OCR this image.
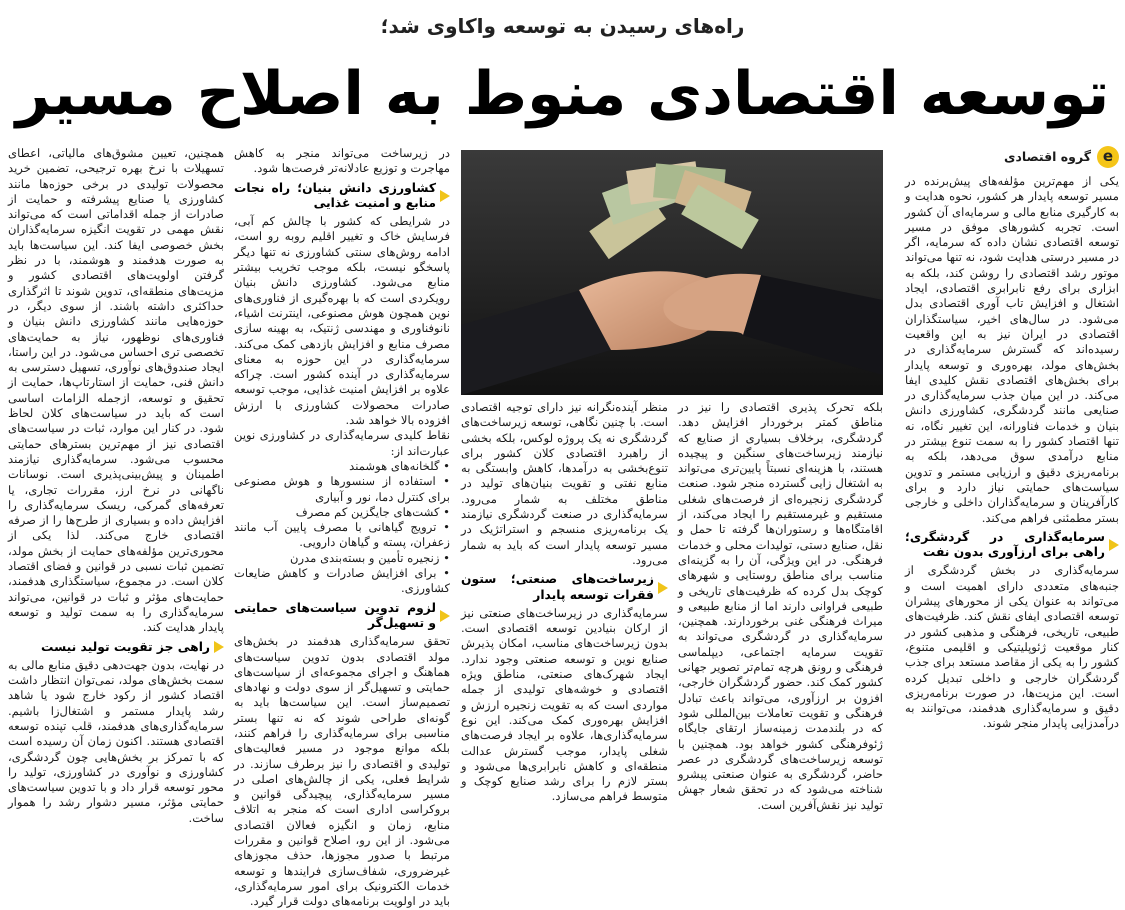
راه‌های رسیدن به توسعه واکاوی شد؛
توسعه اقتصادی منوط به اصلاح مسیر
e
گروه اقتصادی

یکی از مهم‌ترین مؤلفه‌های پیش‌برنده در مسیر توسعه پایدار هر کشور، نحوه هدایت و به کارگیری منابع مالی و سرمایه‌ای آن کشور است. تجربه کشورهای موفق در مسیر توسعه اقتصادی نشان داده که سرمایه، اگر در مسیر درستی هدایت شود، نه تنها می‌تواند موتور رشد اقتصادی را روشن کند، بلکه به ابزاری برای رفع نابرابری اقتصادی، ایجاد اشتغال و افزایش تاب آوری اقتصادی بدل می‌شود. در سال‌های اخیر، سیاستگذاران اقتصادی در ایران نیز به این واقعیت رسیده‌اند که گسترش سرمایه‌گذاری در بخش‌های مولد، بهره‌وری و توسعه پایدار برای بخش‌های اقتصادی نقش کلیدی ایفا می‌کند. در این میان جذب سرمایه‌گذاری در صنایعی مانند گردشگری، کشاورزی دانش بنیان و خدمات فناورانه، این تغییر نگاه، نه تنها اقتصاد کشور را به سمت تنوع بیشتر در منابع درآمدی سوق می‌دهد، بلکه به برنامه‌ریزی دقیق و ارزیابی مستمر و تدوین سیاست‌های حمایتی نیاز دارد و برای کارآفرینان و سرمایه‌گذاران داخلی و خارجی بستر مطمئنی فراهم می‌کند.

سرمایه‌گذاری در گردشگری؛ راهی برای ارزآوری بدون نفت

سرمایه‌گذاری در بخش گردشگری از جنبه‌های متعددی دارای اهمیت است و می‌تواند به عنوان یکی از محورهای پیشران توسعه اقتصادی ایفای نقش کند. ظرفیت‌های طبیعی، تاریخی، فرهنگی و مذهبی کشور در کنار موقعیت ژئوپلیتیکی و اقلیمی متنوع، کشور را به یکی از مقاصد مستعد برای جذب گردشگران خارجی و داخلی تبدیل کرده است. این مزیت‌ها، در صورت برنامه‌ریزی دقیق و سرمایه‌گذاری هدفمند، می‌توانند به درآمدزایی پایدار منجر شوند.

بلکه تحرک پذیری اقتصادی را نیز در مناطق کمتر برخوردار افزایش دهد. گردشگری، برخلاف بسیاری از صنایع که نیازمند زیرساخت‌های سنگین و پیچیده هستند، با هزینه‌ای نسبتاً پایین‌تری می‌تواند به اشتغال زایی گسترده منجر شود. صنعت گردشگری زنجیره‌ای از فرصت‌های شغلی مستقیم و غیرمستقیم را ایجاد می‌کند، از اقامتگاه‌ها و رستوران‌ها گرفته تا حمل و نقل، صنایع دستی، تولیدات محلی و خدمات فرهنگی. در این ویژگی، آن را به گزینه‌ای مناسب برای مناطق روستایی و شهرهای کوچک بدل کرده که ظرفیت‌های تاریخی و طبیعی فراوانی دارند اما از منابع طبیعی و میراث فرهنگی غنی برخوردارند. همچنین، سرمایه‌گذاری در گردشگری می‌تواند به تقویت سرمایه اجتماعی، دیپلماسی فرهنگی و رونق هرچه تمام‌تر تصویر جهانی کشور کمک کند. حضور گردشگران خارجی، افزون بر ارزآوری، می‌تواند باعث تبادل فرهنگی و تقویت تعاملات بین‌المللی شود که در بلندمدت زمینه‌ساز ارتقای جایگاه ژئوفرهنگی کشور خواهد بود. همچنین با توسعه زیرساخت‌های گردشگری در عصر حاضر، گردشگری به عنوان صنعتی پیشرو شناخته می‌شود که در تحقق شعار جهش تولید نیز نقش‌آفرین است.

منظر آینده‌نگرانه نیز دارای توجیه اقتصادی است. با چنین نگاهی، توسعه زیرساخت‌های گردشگری نه یک پروژه لوکس، بلکه بخشی از راهبرد اقتصادی کلان کشور برای تنوع‌بخشی به درآمدها، کاهش وابستگی به منابع نفتی و تقویت بنیان‌های تولید در مناطق مختلف به شمار می‌رود. سرمایه‌گذاری در صنعت گردشگری نیازمند یک برنامه‌ریزی منسجم و استراتژیک در مسیر توسعه پایدار است که باید به شمار می‌رود.

زیرساخت‌های صنعتی؛ ستون فقرات توسعه پایدار

سرمایه‌گذاری در زیرساخت‌های صنعتی نیز از ارکان بنیادین توسعه اقتصادی است. بدون زیرساخت‌های مناسب، امکان پذیرش صنایع نوین و توسعه صنعتی وجود ندارد. ایجاد شهرک‌های صنعتی، مناطق ویژه اقتصادی و خوشه‌های تولیدی از جمله مواردی است که به تقویت زنجیره ارزش و افزایش بهره‌وری کمک می‌کند. این نوع سرمایه‌گذاری‌ها، علاوه بر ایجاد فرصت‌های شغلی پایدار، موجب گسترش عدالت منطقه‌ای و کاهش نابرابری‌ها می‌شود و بستر لازم را برای رشد صنایع کوچک و متوسط فراهم می‌سازد.

در زیرساخت می‌تواند منجر به کاهش مهاجرت و توزیع عادلانه‌تر فرصت‌ها شود.

کشاورزی دانش بنیان؛ راه نجات منابع و امنیت غذایی

در شرایطی که کشور با چالش کم آبی، فرسایش خاک و تغییر اقلیم روبه رو است، ادامه روش‌های سنتی کشاورزی نه تنها دیگر پاسخگو نیست، بلکه موجب تخریب بیشتر منابع می‌شود. کشاورزی دانش بنیان رویکردی است که با بهره‌گیری از فناوری‌های نوین همچون هوش مصنوعی، اینترنت اشیاء، نانوفناوری و مهندسی ژنتیک، به بهینه سازی مصرف منابع و افزایش بازدهی کمک می‌کند. سرمایه‌گذاری در این حوزه به معنای سرمایه‌گذاری در آینده کشور است. چراکه علاوه بر افزایش امنیت غذایی، موجب توسعه صادرات محصولات کشاورزی با ارزش افزوده بالا خواهد شد.

نقاط کلیدی سرمایه‌گذاری در کشاورزی نوین عبارت‌اند از:

• گلخانه‌های هوشمند

• استفاده از سنسورها و هوش مصنوعی برای کنترل دما، نور و آبیاری

• کشت‌های جایگزین کم مصرف

• ترویج گیاهانی با مصرف پایین آب مانند زعفران، پسته و گیاهان دارویی.

• زنجیره تأمین و بسته‌بندی مدرن

• برای افزایش صادرات و کاهش ضایعات کشاورزی.

لزوم تدوین سیاست‌های حمایتی و تسهیل‌گر

تحقق سرمایه‌گذاری هدفمند در بخش‌های مولد اقتصادی بدون تدوین سیاست‌های هماهنگ و اجرای مجموعه‌ای از سیاست‌های حمایتی و تسهیل‌گر از سوی دولت و نهادهای تصمیم‌ساز است. این سیاست‌ها باید به گونه‌ای طراحی شوند که نه تنها بستر مناسبی برای سرمایه‌گذاری را فراهم کنند، بلکه موانع موجود در مسیر فعالیت‌های تولیدی و اقتصادی را نیز برطرف سازند. در شرایط فعلی، یکی از چالش‌های اصلی در مسیر سرمایه‌گذاری، پیچیدگی قوانین و بروکراسی اداری است که منجر به اتلاف منابع، زمان و انگیزه فعالان اقتصادی می‌شود. از این رو، اصلاح قوانین و مقررات مرتبط با صدور مجوزها، حذف مجوزهای غیرضروری، شفاف‌سازی فرایندها و توسعه خدمات الکترونیک برای امور سرمایه‌گذاری، باید در اولویت برنامه‌های دولت قرار گیرد.

همچنین، تعیین مشوق‌های مالیاتی، اعطای تسهیلات با نرخ بهره ترجیحی، تضمین خرید محصولات تولیدی در برخی حوزه‌ها مانند کشاورزی یا صنایع پیشرفته و حمایت از صادرات از جمله اقداماتی است که می‌تواند نقش مهمی در تقویت انگیزه سرمایه‌گذاران بخش خصوصی ایفا کند. این سیاست‌ها باید به صورت هدفمند و هوشمند، با در نظر گرفتن اولویت‌های اقتصادی کشور و مزیت‌های منطقه‌ای، تدوین شوند تا اثرگذاری حداکثری داشته باشند. از سوی دیگر، در حوزه‌هایی مانند کشاورزی دانش بنیان و فناوری‌های نوظهور، نیاز به حمایت‌های تخصصی تری احساس می‌شود. در این راستا، ایجاد صندوق‌های نوآوری، تسهیل دسترسی به دانش فنی، حمایت از استارتاپ‌ها، حمایت از تحقیق و توسعه، ازجمله الزامات اساسی است که باید در سیاست‌های کلان لحاظ شود. در کنار این موارد، ثبات در سیاست‌های اقتصادی نیز از مهم‌ترین بسترهای حمایتی محسوب می‌شود. سرمایه‌گذاری نیازمند اطمینان و پیش‌بینی‌پذیری است. نوسانات ناگهانی در نرخ ارز، مقررات تجاری، یا تعرفه‌های گمرکی، ریسک سرمایه‌گذاری را افزایش داده و بسیاری از طرح‌ها را از صرفه اقتصادی خارج می‌کند. لذا یکی از محوری‌ترین مؤلفه‌های حمایت از بخش مولد، تضمین ثبات نسبی در قوانین و فضای اقتصاد کلان است. در مجموع، سیاستگذاری هدفمند، حمایت‌های مؤثر و ثبات در قوانین، می‌تواند سرمایه‌گذاری را به سمت تولید و توسعه پایدار هدایت کند.

راهی جز تقویت تولید نیست

در نهایت، بدون جهت‌دهی دقیق منابع مالی به سمت بخش‌های مولد، نمی‌توان انتظار داشت اقتصاد کشور از رکود خارج شود یا شاهد رشد پایدار مستمر و اشتغال‌زا باشیم. سرمایه‌گذاری‌های هدفمند، قلب تپنده توسعه اقتصادی هستند. اکنون زمان آن رسیده است که با تمرکز بر بخش‌هایی چون گردشگری، کشاورزی و نوآوری در کشاورزی، تولید را محور توسعه قرار داد و با تدوین سیاست‌های حمایتی مؤثر، مسیر دشوار رشد را هموار ساخت.
